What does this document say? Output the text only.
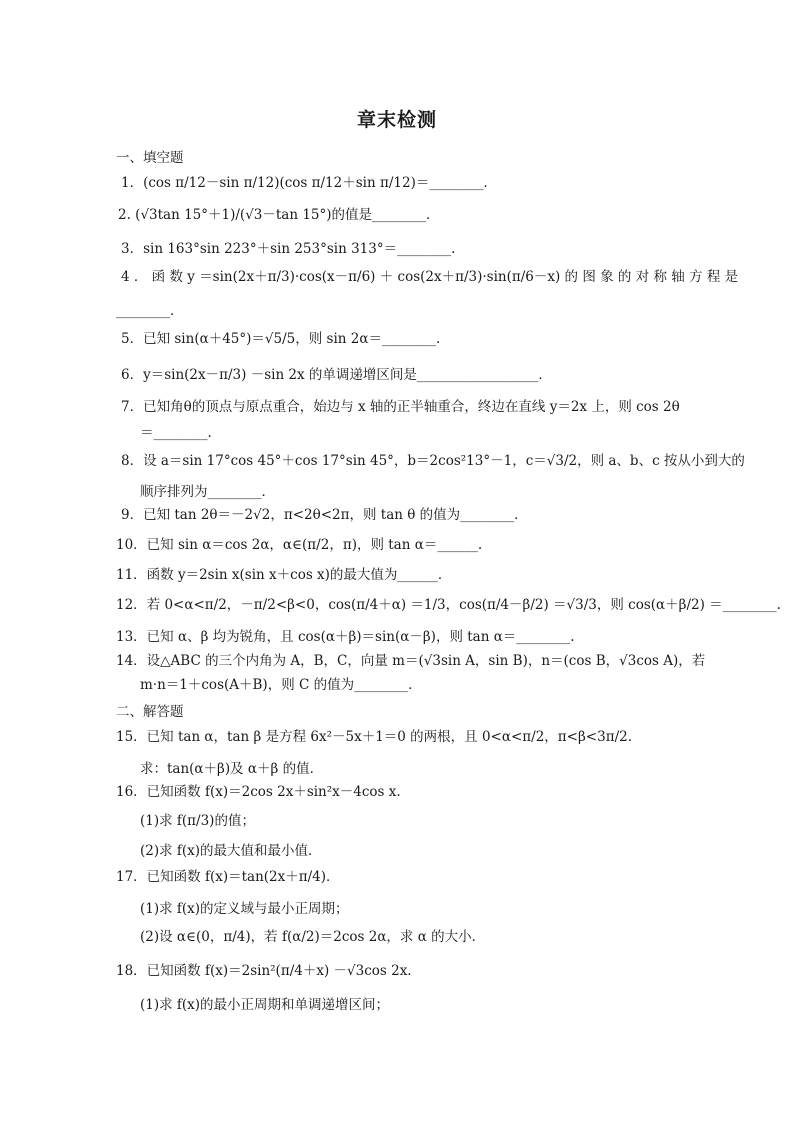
章末检测
一、填空题
1．(cos π/12－sin π/12)(cos π/12＋sin π/12)＝________.
2. (√3tan 15°＋1)/(√3－tan 15°)的值是________．
3．sin 163°sin 223°＋sin 253°sin 313°＝________.
4 ． 函 数 y ＝sin(2x＋π/3)·cos(x－π/6) ＋ cos(2x＋π/3)·sin(π/6－x) 的 图 象 的 对 称 轴 方 程 是
________．
5．已知 sin(α＋45°)＝√5/5，则 sin 2α＝________.
6．y＝sin(2x－π/3) －sin 2x 的单调递增区间是__________________．
7．已知角θ的顶点与原点重合，始边与 x 轴的正半轴重合，终边在直线 y＝2x 上，则 cos 2θ
＝________.
8．设 a＝sin 17°cos 45°＋cos 17°sin 45°，b＝2cos²13°－1，c＝√3/2，则 a、b、c 按从小到大的
顺序排列为________．
9．已知 tan 2θ＝－2√2，π<2θ<2π，则 tan θ 的值为________．
10．已知 sin α＝cos 2α，α∈(π/2，π)，则 tan α＝______.
11．函数 y＝2sin x(sin x＋cos x)的最大值为______．
12．若 0<α<π/2，－π/2<β<0，cos(π/4＋α) ＝1/3，cos(π/4－β/2) ＝√3/3，则 cos(α＋β/2) ＝________.
13．已知 α、β 均为锐角，且 cos(α＋β)＝sin(α－β)，则 tan α＝________.
14．设△ABC 的三个内角为 A，B，C，向量 m＝(√3sin A，sin B)，n＝(cos B，√3cos A)，若
m·n＝1＋cos(A＋B)，则 C 的值为________．
二、解答题
15．已知 tan α，tan β 是方程 6x²－5x＋1＝0 的两根，且 0<α<π/2，π<β<3π/2.
求：tan(α＋β)及 α＋β 的值．
16．已知函数 f(x)＝2cos 2x＋sin²x－4cos x.
(1)求 f(π/3)的值；
(2)求 f(x)的最大值和最小值．
17．已知函数 f(x)＝tan(2x＋π/4)．
(1)求 f(x)的定义域与最小正周期；
(2)设 α∈(0，π/4)，若 f(α/2)＝2cos 2α，求 α 的大小．
18．已知函数 f(x)＝2sin²(π/4＋x) －√3cos 2x.
(1)求 f(x)的最小正周期和单调递增区间；
